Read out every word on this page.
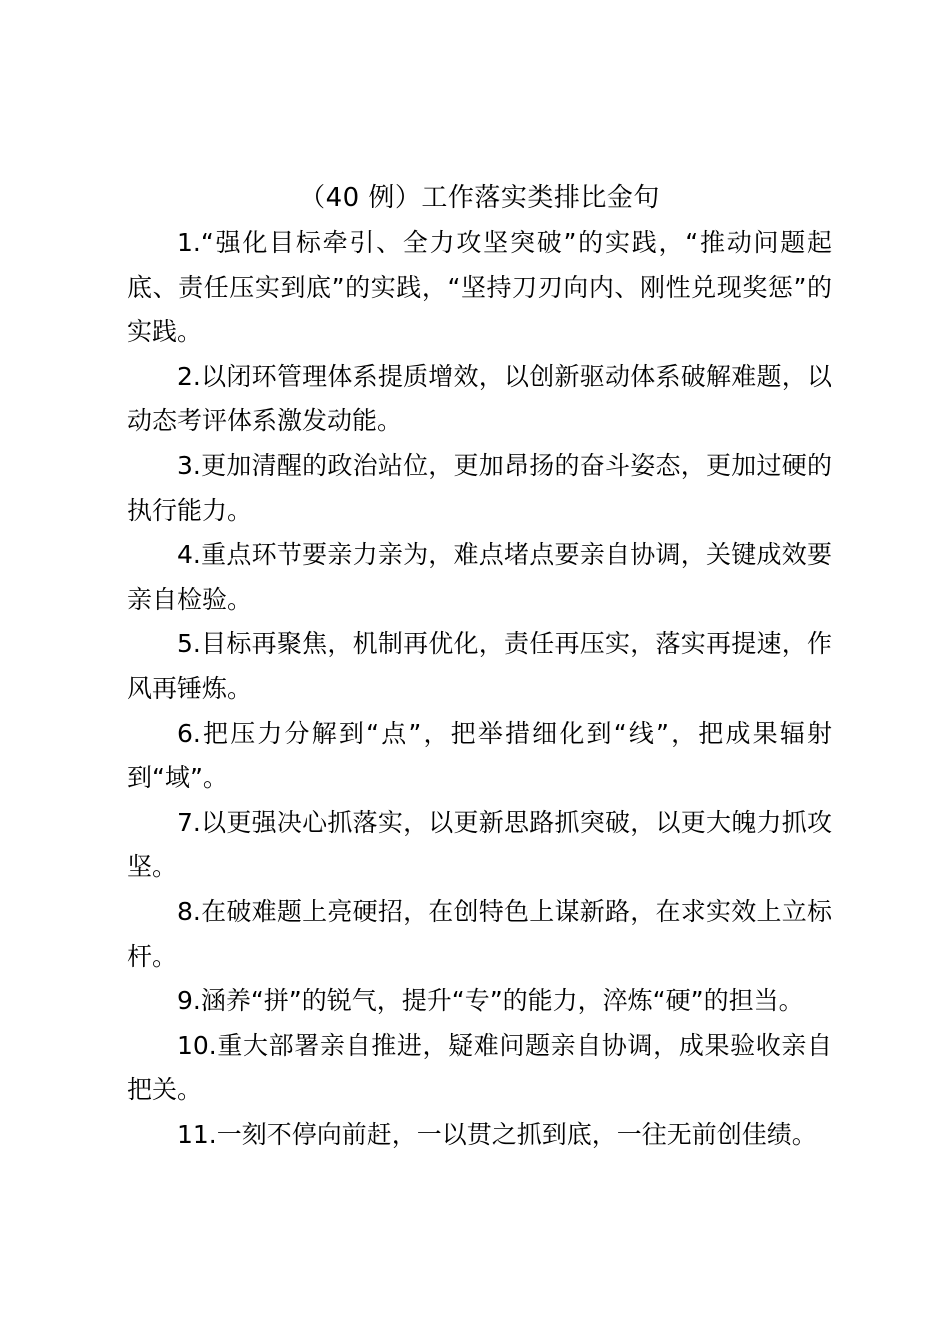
（40 例）工作落实类排比金句

1.“强化目标牵引、全力攻坚突破”的实践，“推动问题起底、责任压实到底”的实践，“坚持刀刃向内、刚性兑现奖惩”的实践。

2.以闭环管理体系提质增效，以创新驱动体系破解难题，以动态考评体系激发动能。

3.更加清醒的政治站位，更加昂扬的奋斗姿态，更加过硬的执行能力。

4.重点环节要亲力亲为，难点堵点要亲自协调，关键成效要亲自检验。

5.目标再聚焦，机制再优化，责任再压实，落实再提速，作风再锤炼。

6.把压力分解到“点”，把举措细化到“线”，把成果辐射到“域”。

7.以更强决心抓落实，以更新思路抓突破，以更大魄力抓攻坚。

8.在破难题上亮硬招，在创特色上谋新路，在求实效上立标杆。

9.涵养“拼”的锐气，提升“专”的能力，淬炼“硬”的担当。

10.重大部署亲自推进，疑难问题亲自协调，成果验收亲自把关。

11.一刻不停向前赶，一以贯之抓到底，一往无前创佳绩。
